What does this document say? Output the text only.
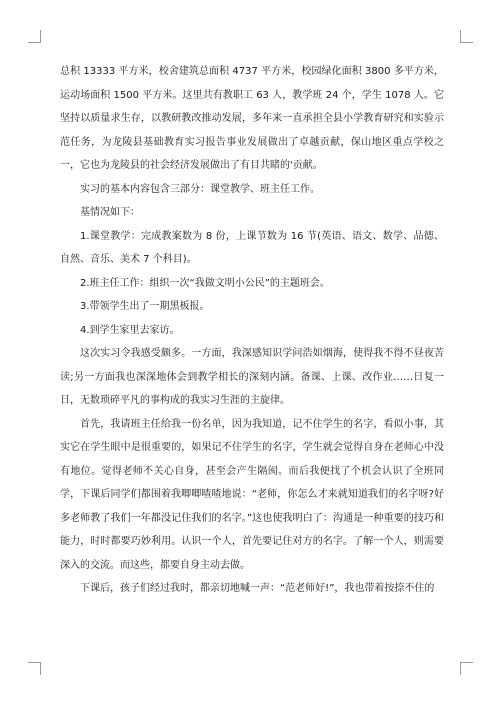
总积 13333 平方米，校舍建筑总面积 4737 平方米，校园绿化面积 3800 多平方米，运动场面积 1500 平方米。这里共有教职工 63 人，教学班 24 个，学生 1078 人。它坚持以质量求生存，以教研教改推动发展，多年来一直承担全县小学教育研究和实验示范任务，为龙陵县基础教育实习报告事业发展做出了卓越贡献，保山地区重点学校之一，它也为龙陵县的社会经济发展做出了有目共睹的'贡献。

实习的基本内容包含三部分：课堂教学、班主任工作。

基情况如下：

1.课堂教学：完成教案数为 8 份，上课节数为 16 节(英语、语文、数学、品德、自然、音乐、美术 7 个科目)。

2.班主任工作：组织一次“我做文明小公民”的主题班会。

3.带领学生出了一期黑板报。

4.到学生家里去家访。

这次实习令我感受颇多。一方面，我深感知识学问浩如烟海，使得我不得不昼夜苦读;另一方面我也深深地体会到教学相长的深刻内涵。备课、上课、改作业……日复一日，无数琐碎平凡的事构成的我实习生涯的主旋律。

首先，我请班主任给我一份名单，因为我知道，记不住学生的名字，看似小事，其实它在学生眼中是很重要的，如果记不住学生的名字，学生就会觉得自身在老师心中没有地位。觉得老师不关心自身，甚至会产生隔阂。而后我便找了个机会认识了全班同学，下课后同学们都围着我唧唧喳喳地说：“老师，你怎么才来就知道我们的名字呀?好多老师教了我们一年都没记住我们的名字。”这也使我明白了：沟通是一种重要的技巧和能力，时时都要巧妙利用。认识一个人，首先要记住对方的名字。了解一个人，则需要深入的交流。而这些，都要自身主动去做。

下课后，孩子们经过我时，都亲切地喊一声：“范老师好!”，我也带着按捺不住的
